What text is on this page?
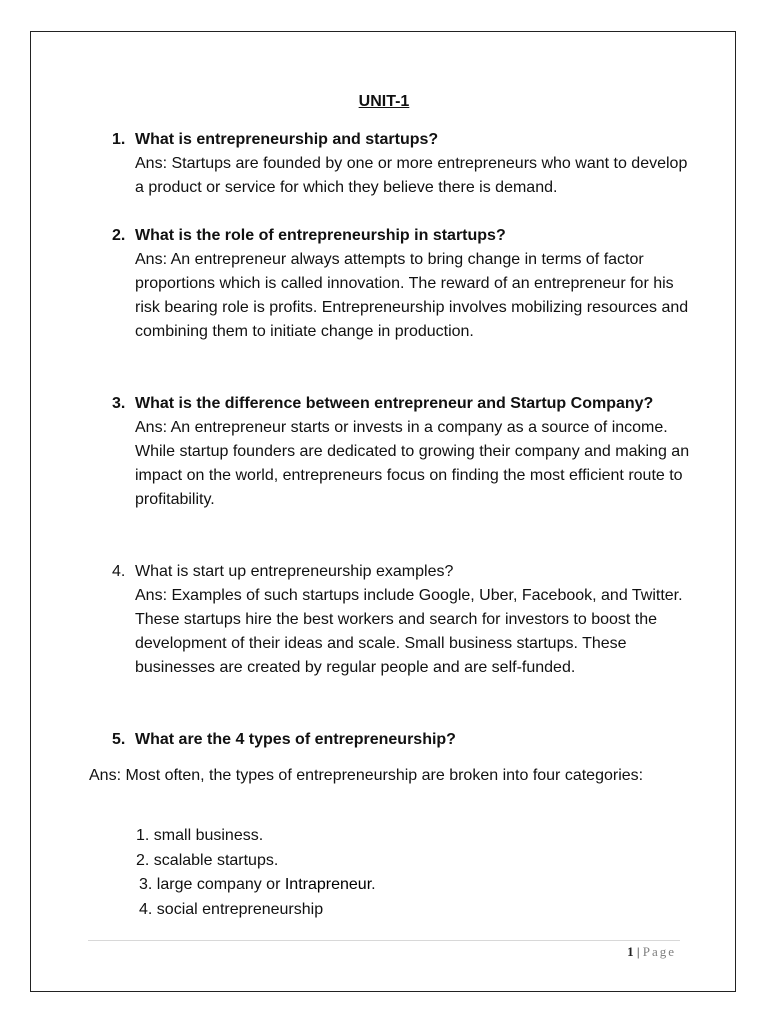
UNIT-1
1. What is entrepreneurship and startups?
Ans: Startups are founded by one or more entrepreneurs who want to develop a product or service for which they believe there is demand.
2. What is the role of entrepreneurship in startups?
Ans: An entrepreneur always attempts to bring change in terms of factor proportions which is called innovation. The reward of an entrepreneur for his risk bearing role is profits. Entrepreneurship involves mobilizing resources and combining them to initiate change in production.
3. What is the difference between entrepreneur and Startup Company?
Ans: An entrepreneur starts or invests in a company as a source of income. While startup founders are dedicated to growing their company and making an impact on the world, entrepreneurs focus on finding the most efficient route to profitability.
4. What is start up entrepreneurship examples?
Ans: Examples of such startups include Google, Uber, Facebook, and Twitter. These startups hire the best workers and search for investors to boost the development of their ideas and scale. Small business startups. These businesses are created by regular people and are self-funded.
5. What are the 4 types of entrepreneurship?
Ans: Most often, the types of entrepreneurship are broken into four categories:
1. small business.
2. scalable startups.
3. large company or Intrapreneur.
4. social entrepreneurship
1 | Page
